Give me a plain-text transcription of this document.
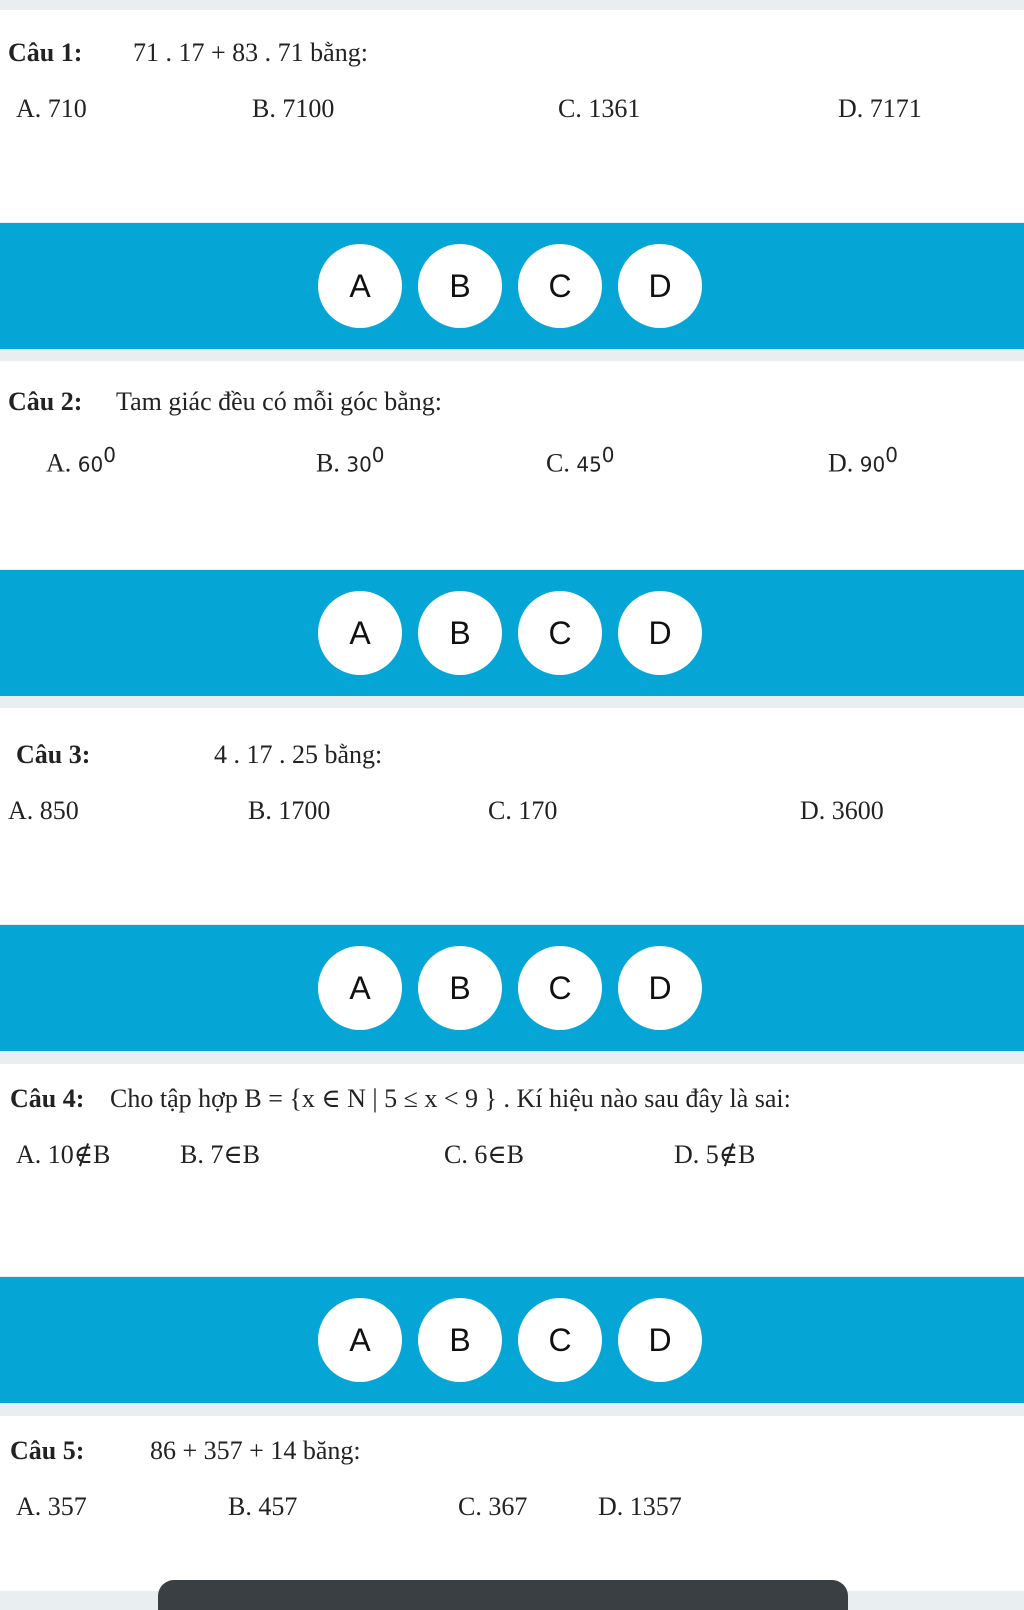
Câu 1: 71 . 17 + 83 . 71 bằng:
A. 710	B. 7100	C. 1361	D. 7171
A	B	C	D
Câu 2: Tam giác đều có mỗi góc bằng:
A. $60^0$	B. $30^0$	C. $45^0$	D. $90^0$
A	B	C	D
Câu 3:	4 . 17 . 25 bằng:
A. 850	B. 1700	C. 170	D. 3600
A	B	C	D
Câu 4: Cho tập hợp B = {x ∈ N | 5 ≤ x < 9 } . Kí hiệu nào sau đây là sai:
A. 10∉B	B. 7∈B	C. 6∈B	D. 5∉B
A	B	C	D
Câu 5:	86 + 357 + 14 băng:
A. 357	B. 457	C. 367	D. 1357
